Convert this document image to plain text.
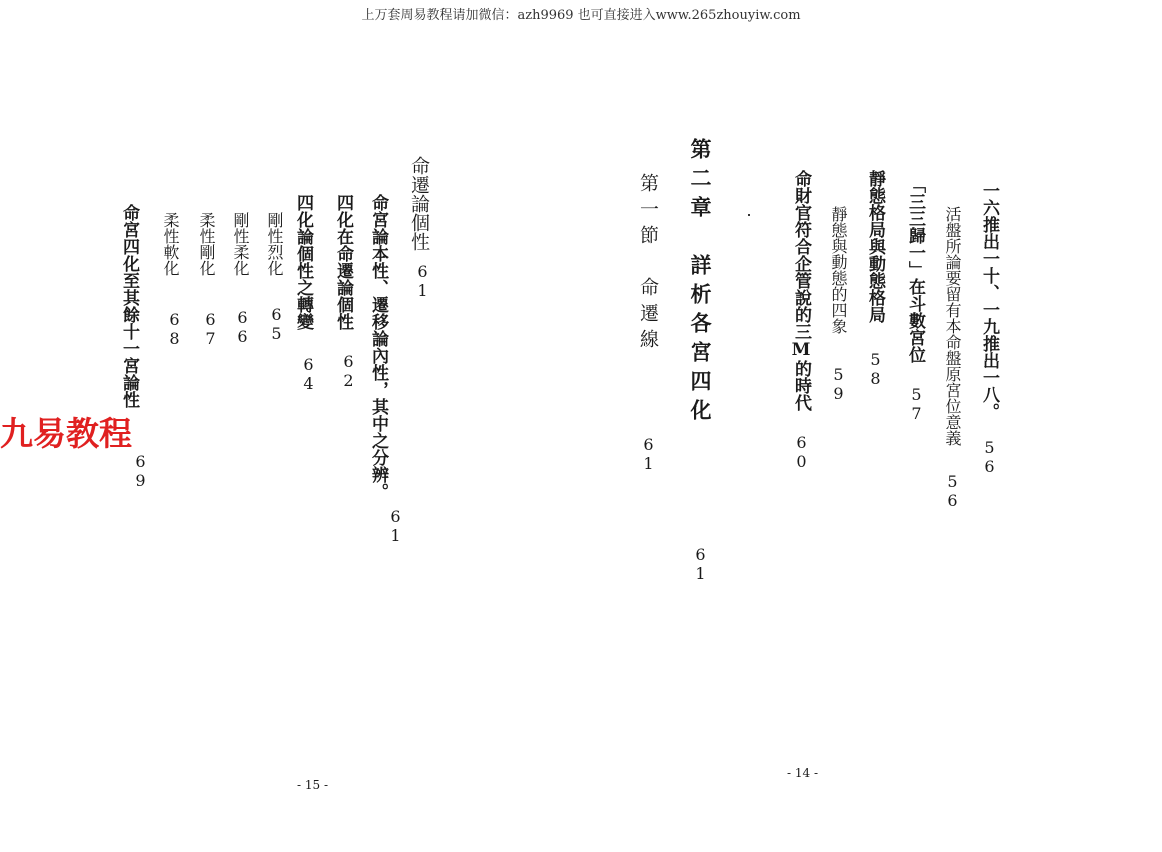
上万套周易教程请加微信：azh9969 也可直接进入www.265zhouyiw.com
一六推出一十、一九推出一八。
56
活盤所論要留有本命盤原宮位意義
56
「三三歸一」在斗數宮位
57
靜態格局與動態格局
58
靜態與動態的四象
59
命財官符合企管說的三M的時代
60
第二章　詳析各宮四化
61
第一節　命遷線
61
- 14 -
命遷論個性
61
命宮論本性、遷移論內性，其中之分辨。
61
四化在命遷論個性
62
四化論個性之轉變
64
剛性烈化
65
剛性柔化
66
柔性剛化
67
柔性軟化
68
命宮四化至其餘十一宮論性
69
- 15 -
九易教程
